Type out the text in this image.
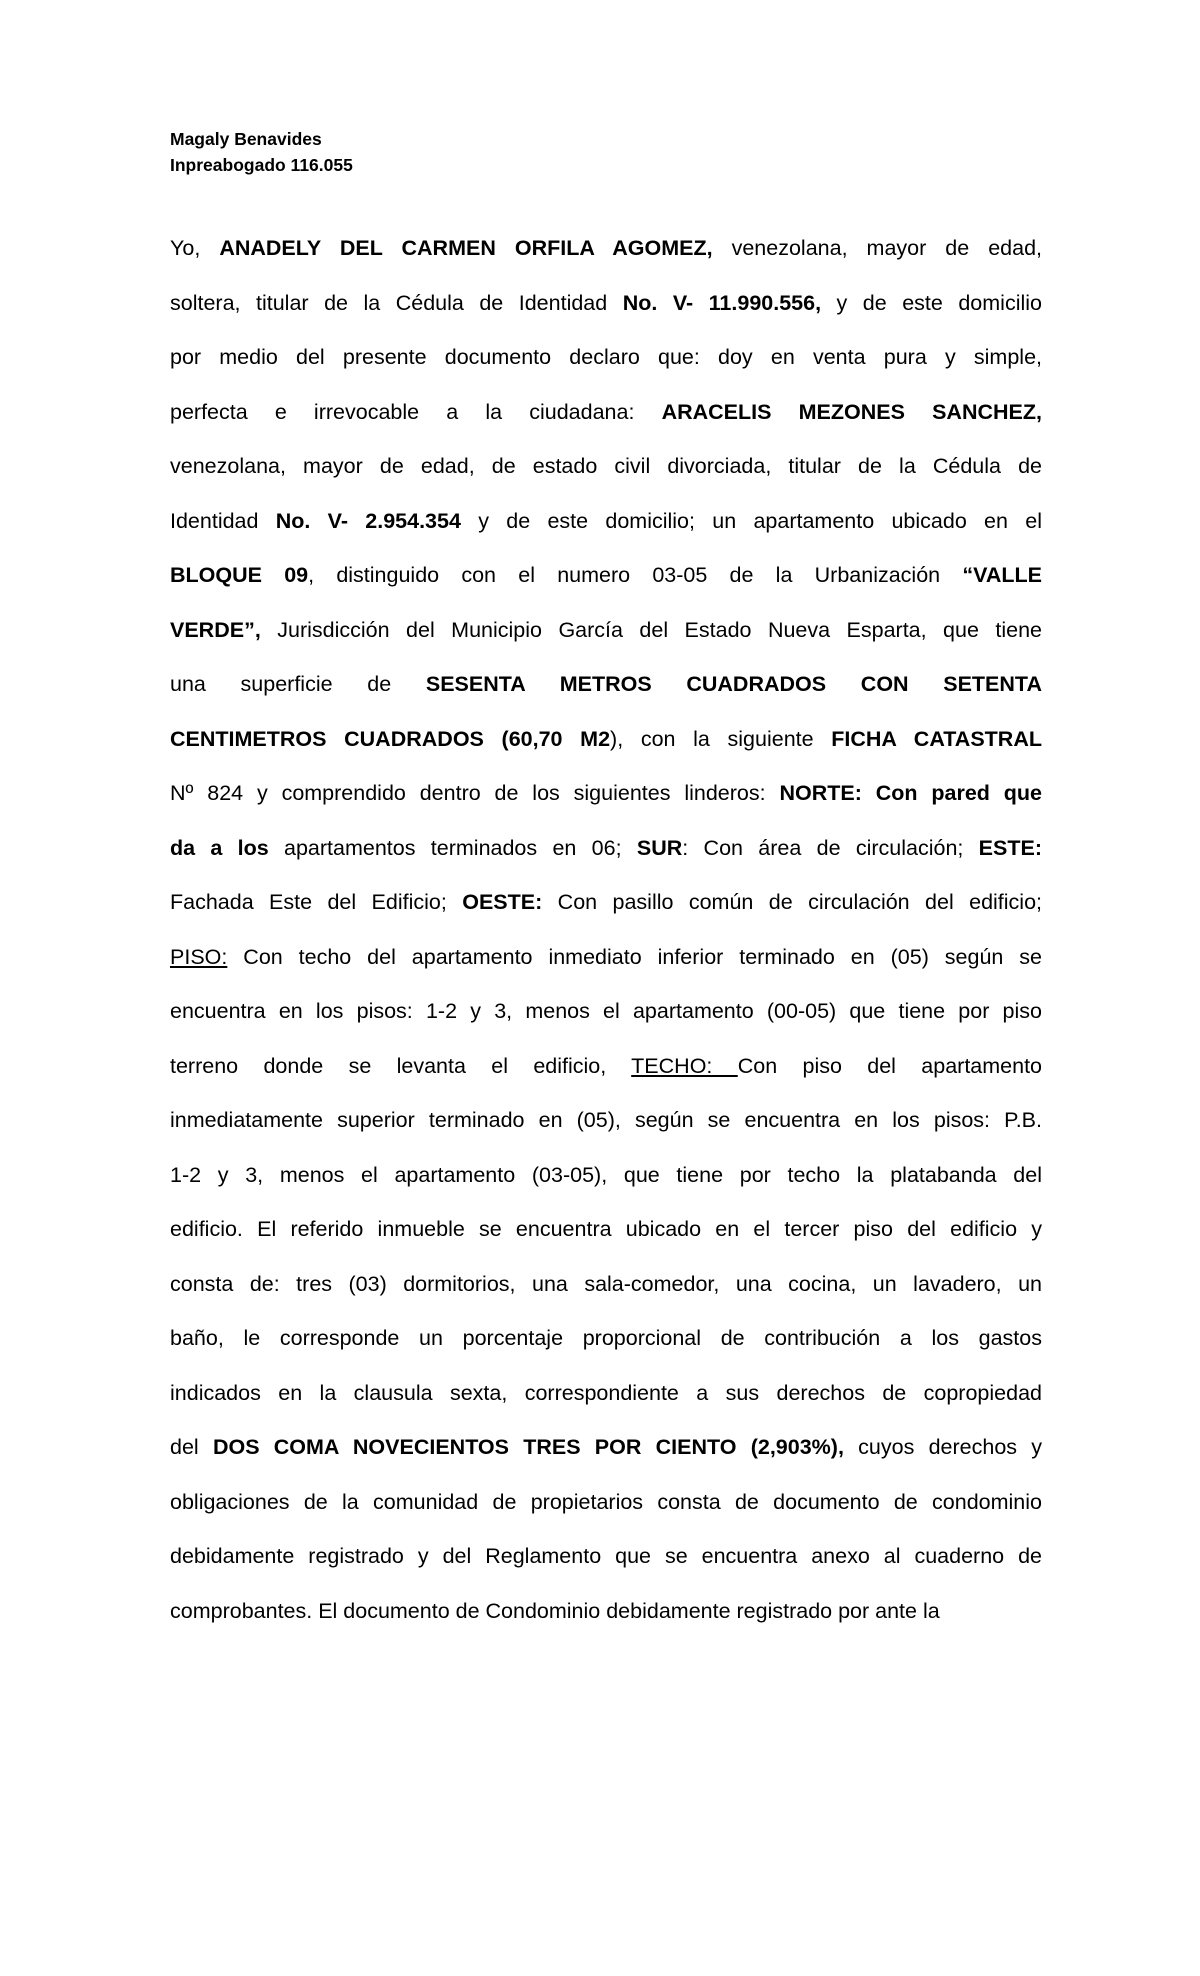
Magaly Benavides
Inpreabogado 116.055
Yo, ANADELY DEL CARMEN ORFILA AGOMEZ, venezolana, mayor de edad,
soltera, titular de la Cédula de Identidad No. V- 11.990.556, y de este domicilio
por medio del presente documento declaro que: doy en venta pura y simple,
perfecta e irrevocable a la ciudadana: ARACELIS MEZONES SANCHEZ,
venezolana, mayor de edad, de estado civil divorciada, titular de la Cédula de
Identidad No. V- 2.954.354 y de este domicilio; un apartamento ubicado en el
BLOQUE 09, distinguido con el numero 03-05 de la Urbanización “VALLE
VERDE”, Jurisdicción del Municipio García del Estado Nueva Esparta, que tiene
una superficie de SESENTA METROS CUADRADOS CON SETENTA
CENTIMETROS CUADRADOS (60,70 M2), con la siguiente FICHA CATASTRAL
Nº 824 y comprendido dentro de los siguientes linderos: NORTE: Con pared que
da a los apartamentos terminados en 06; SUR: Con área de circulación; ESTE:
Fachada Este del Edificio; OESTE: Con pasillo común de circulación del edificio;
PISO: Con techo del apartamento inmediato inferior terminado en (05) según se
encuentra en los pisos: 1-2 y 3, menos el apartamento (00-05) que tiene por piso
terreno donde se levanta el edificio, TECHO: Con piso del apartamento
inmediatamente superior terminado en (05), según se encuentra en los pisos: P.B.
1-2 y 3, menos el apartamento (03-05), que tiene por techo la platabanda del
edificio. El referido inmueble se encuentra ubicado en el tercer piso del edificio y
consta de: tres (03) dormitorios, una sala-comedor, una cocina, un lavadero, un
baño, le corresponde un porcentaje proporcional de contribución a los gastos
indicados en la clausula sexta, correspondiente a sus derechos de copropiedad
del DOS COMA NOVECIENTOS TRES POR CIENTO (2,903%), cuyos derechos y
obligaciones de la comunidad de propietarios consta de documento de condominio
debidamente registrado y del Reglamento que se encuentra anexo al cuaderno de
comprobantes. El documento de Condominio debidamente registrado por ante la
